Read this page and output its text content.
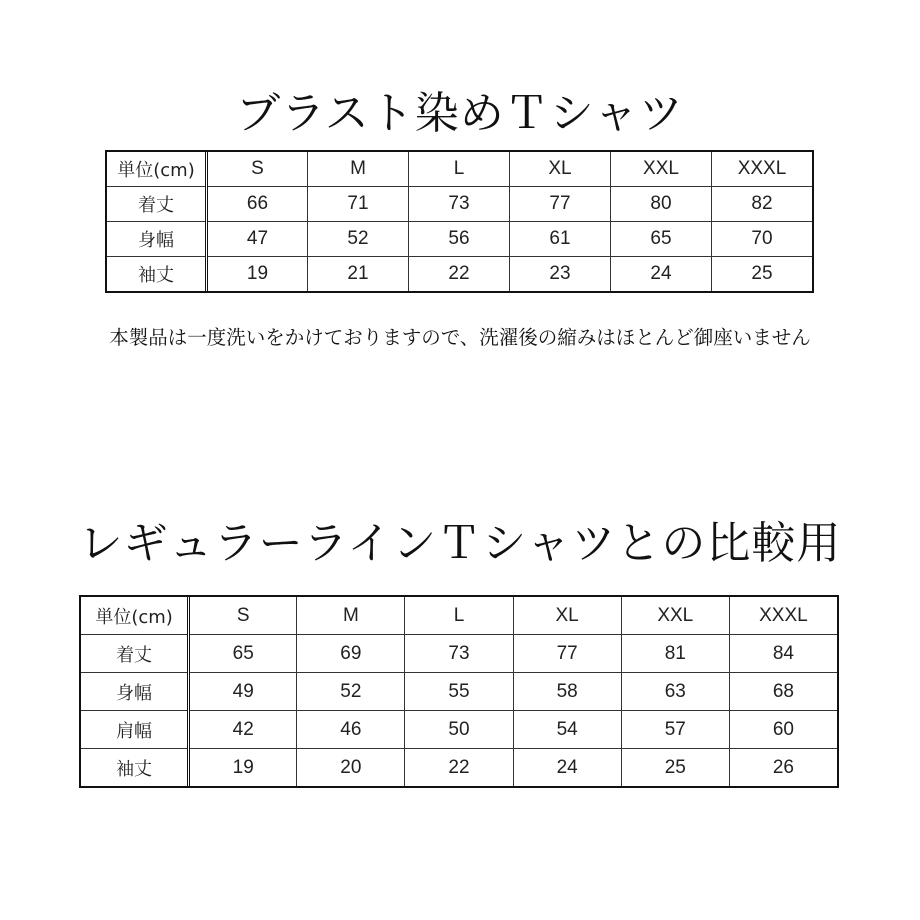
ブラスト染めＴシャツ
単位(cm)	S	M	L	XL	XXL	XXXL
着丈	66	71	73	77	80	82
身幅	47	52	56	61	65	70
袖丈	19	21	22	23	24	25
本製品は一度洗いをかけておりますので、洗濯後の縮みはほとんど御座いません
レギュラーラインＴシャツとの比較用
単位(cm)	S	M	L	XL	XXL	XXXL
着丈	65	69	73	77	81	84
身幅	49	52	55	58	63	68
肩幅	42	46	50	54	57	60
袖丈	19	20	22	24	25	26
